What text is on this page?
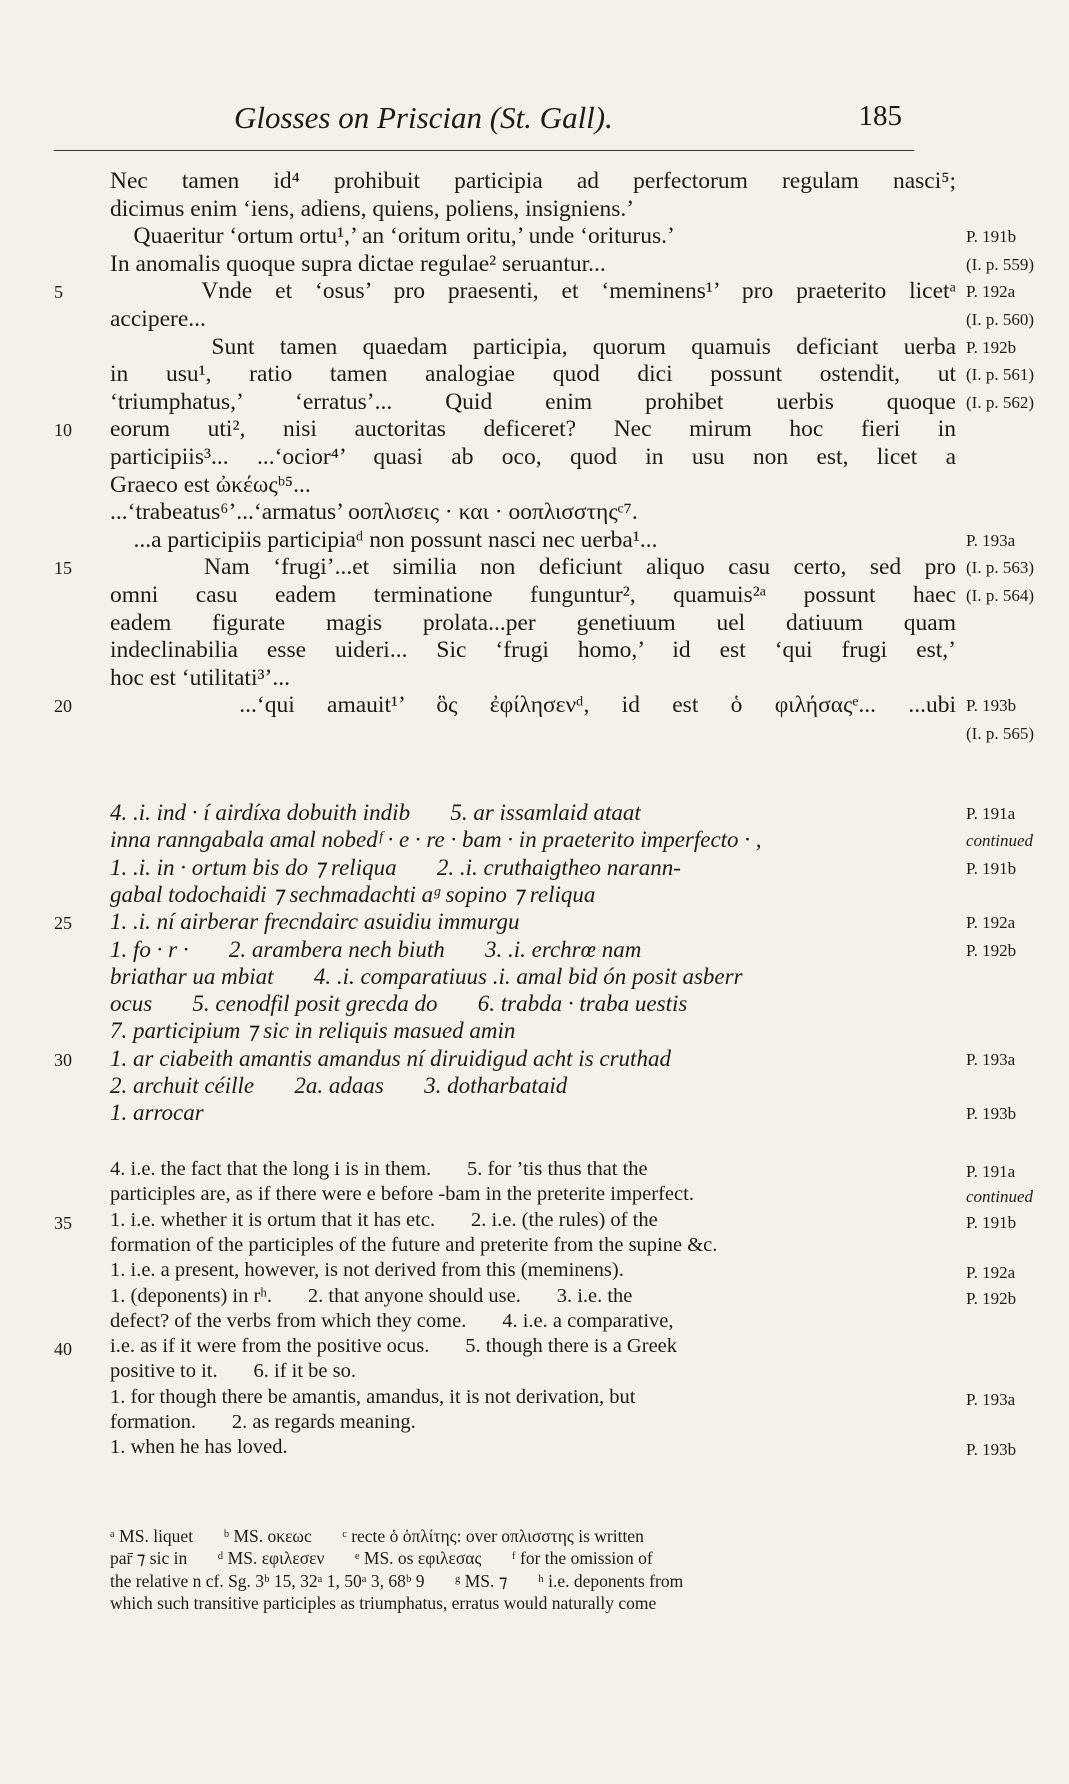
Glosses on Priscian (St. Gall).	185
Nec tamen id⁴ prohibuit participia ad perfectorum regulam nasci⁵;
dicimus enim ‘iens, adiens, quiens, poliens, insigniens.’
Quaeritur ‘ortum ortu¹,’ an ‘oritum oritu,’ unde ‘oriturus.’	P. 191b
In anomalis quoque supra dictae regulae² seruantur...	(I. p. 559)
5	Vnde et ‘osus’ pro praesenti, et ‘meminens¹’ pro praeterito licetᵃ P. 192a
accipere...	(I. p. 560)
Sunt tamen quaedam participia, quorum quamuis deficiant uerba P. 192b
in usu¹, ratio tamen analogiae quod dici possunt ostendit, ut (I. p. 561)
‘triumphatus,’ ‘erratus’... Quid enim prohibet uerbis quoque (I. p. 562)
10	eorum uti², nisi auctoritas deficeret? Nec mirum hoc fieri in
participiis³... ...‘ocior⁴’ quasi ab oco, quod in usu non est, licet a
Graeco est ὠκέωςᵇ⁵...
...‘trabeatus⁶’...‘armatus’ οοπλισεις · και · οοπλισστηςᶜ⁷.
...a participiis participiaᵈ non possunt nasci nec uerba¹...	P. 193a
15	Nam ‘frugi’...et similia non deficiunt aliquo casu certo, sed pro (I. p. 563)
omni casu eadem terminatione funguntur², quamuis²ᵃ possunt haec (I. p. 564)
eadem figurate magis prolata...per genetiuum uel datiuum quam
indeclinabilia esse uideri... Sic ‘frugi homo,’ id est ‘qui frugi est,’
hoc est ‘utilitati³’...
20	...‘qui amauit¹’ ὃς ἐφίλησενᵈ, id est ὁ φιλήσαςᵉ... ...ubi P. 193b
(I. p. 565)
4. .i. ind · í airdíxa dobuith indib       5. ar issamlaid ataat	P. 191a
inna ranngabala amal nobedᶠ · e · re · bam · in praeterito imperfecto · ,	continued
1. .i. in · ortum bis do ⁊ reliqua       2. .i. cruthaigtheo narann-	P. 191b
gabal todochaidi ⁊ sechmadachti aᵍ sopino ⁊ reliqua
25	1. .i. ní airberar frecndairc asuidiu immurgu	P. 192a
1. fo · r ·       2. arambera nech biuth       3. .i. erchrœ nam	P. 192b
briathar ua mbiat       4. .i. comparatiuus .i. amal bid ón posit asberr
ocus       5. cenodfil posit grecda do       6. trabda · traba uestis
7. participium ⁊ sic in reliquis masued amin
30	1. ar ciabeith amantis amandus ní diruidigud acht is cruthad	P. 193a
2. archuit céille       2a. adaas       3. dotharbataid
1. arrocar	P. 193b
4. i.e. the fact that the long i is in them.       5. for ’tis thus that the	P. 191a
participles are, as if there were e before -bam in the preterite imperfect.	continued
35	1. i.e. whether it is ortum that it has etc.       2. i.e. (the rules) of the	P. 191b
formation of the participles of the future and preterite from the supine &c.
1. i.e. a present, however, is not derived from this (meminens).	P. 192a
1. (deponents) in rʰ.       2. that anyone should use.       3. i.e. the	P. 192b
defect? of the verbs from which they come.       4. i.e. a comparative,
40	i.e. as if it were from the positive ocus.       5. though there is a Greek
positive to it.       6. if it be so.
1. for though there be amantis, amandus, it is not derivation, but	P. 193a
formation.       2. as regards meaning.
1. when he has loved.	P. 193b
ᵃ MS. liquet       ᵇ MS. οκεωc       ᶜ recte ὁ ὁπλίτης: over οπλισστης is written
par̄ ⁊ sic in       ᵈ MS. εφιλεσεν       ᵉ MS. os εφιλεσας       ᶠ for the omission of
the relative n cf. Sg. 3ᵇ 15, 32ᵃ 1, 50ᵃ 3, 68ᵇ 9       ᵍ MS. ⁊       ʰ i.e. deponents from
which such transitive participles as triumphatus, erratus would naturally come
